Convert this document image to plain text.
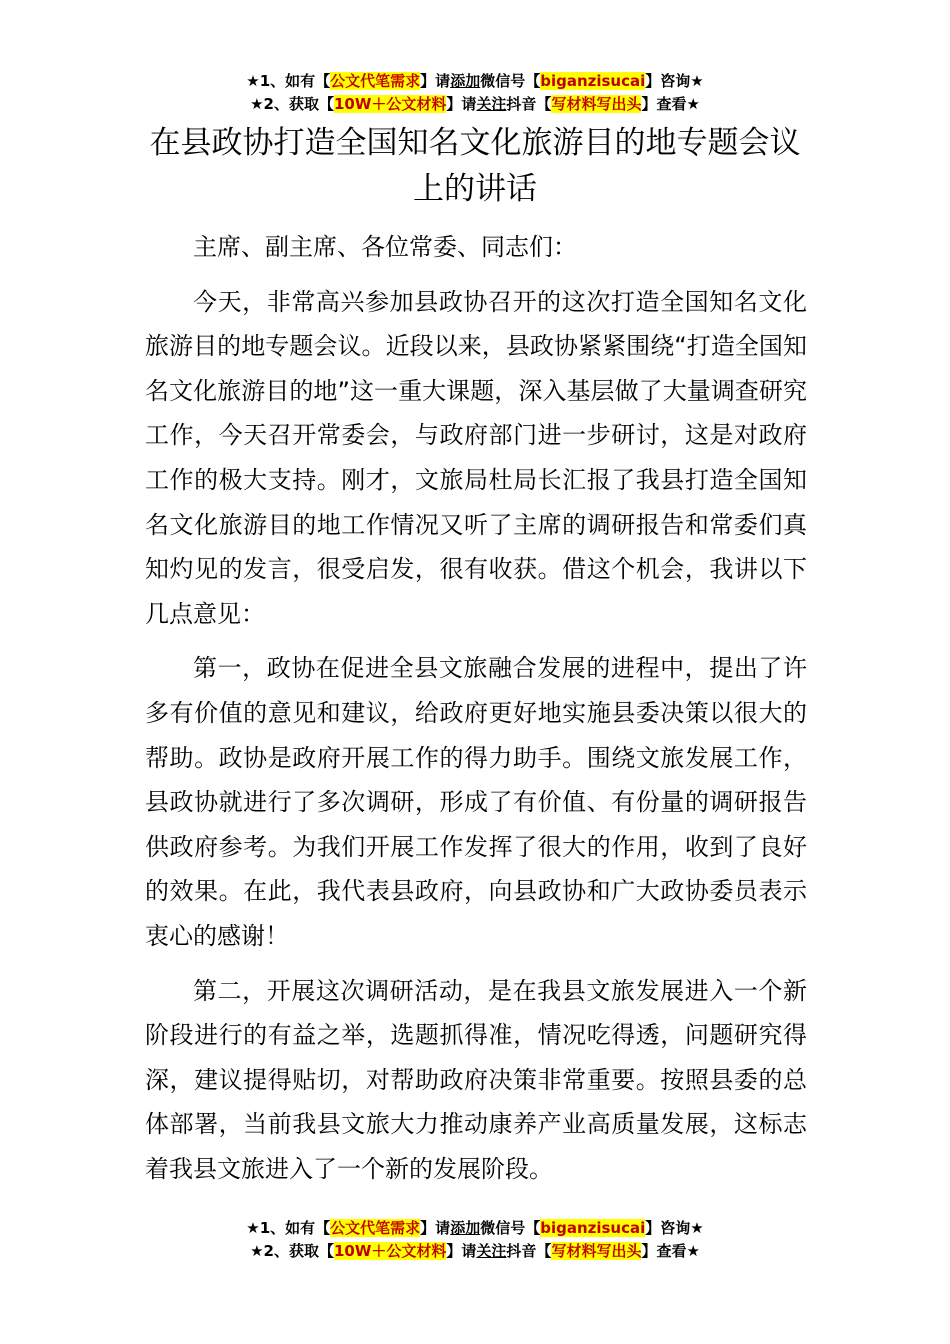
★1、如有【公文代笔需求】请添加微信号【biganzisucai】咨询★
★2、获取【10W＋公文材料】请关注抖音【写材料写出头】查看★
在县政协打造全国知名文化旅游目的地专题会议上的讲话

主席、副主席、各位常委、同志们：

今天，非常高兴参加县政协召开的这次打造全国知名文化旅游目的地专题会议。近段以来，县政协紧紧围绕“打造全国知名文化旅游目的地”这一重大课题，深入基层做了大量调查研究工作，今天召开常委会，与政府部门进一步研讨，这是对政府工作的极大支持。刚才，文旅局杜局长汇报了我县打造全国知名文化旅游目的地工作情况又听了主席的调研报告和常委们真知灼见的发言，很受启发，很有收获。借这个机会，我讲以下几点意见：

第一，政协在促进全县文旅融合发展的进程中，提出了许多有价值的意见和建议，给政府更好地实施县委决策以很大的帮助。政协是政府开展工作的得力助手。围绕文旅发展工作，县政协就进行了多次调研，形成了有价值、有份量的调研报告供政府参考。为我们开展工作发挥了很大的作用，收到了良好的效果。在此，我代表县政府，向县政协和广大政协委员表示衷心的感谢！

第二，开展这次调研活动，是在我县文旅发展进入一个新阶段进行的有益之举，选题抓得准，情况吃得透，问题研究得深，建议提得贴切，对帮助政府决策非常重要。按照县委的总体部署，当前我县文旅大力推动康养产业高质量发展，这标志着我县文旅进入了一个新的发展阶段。

★1、如有【公文代笔需求】请添加微信号【biganzisucai】咨询★
★2、获取【10W＋公文材料】请关注抖音【写材料写出头】查看★
